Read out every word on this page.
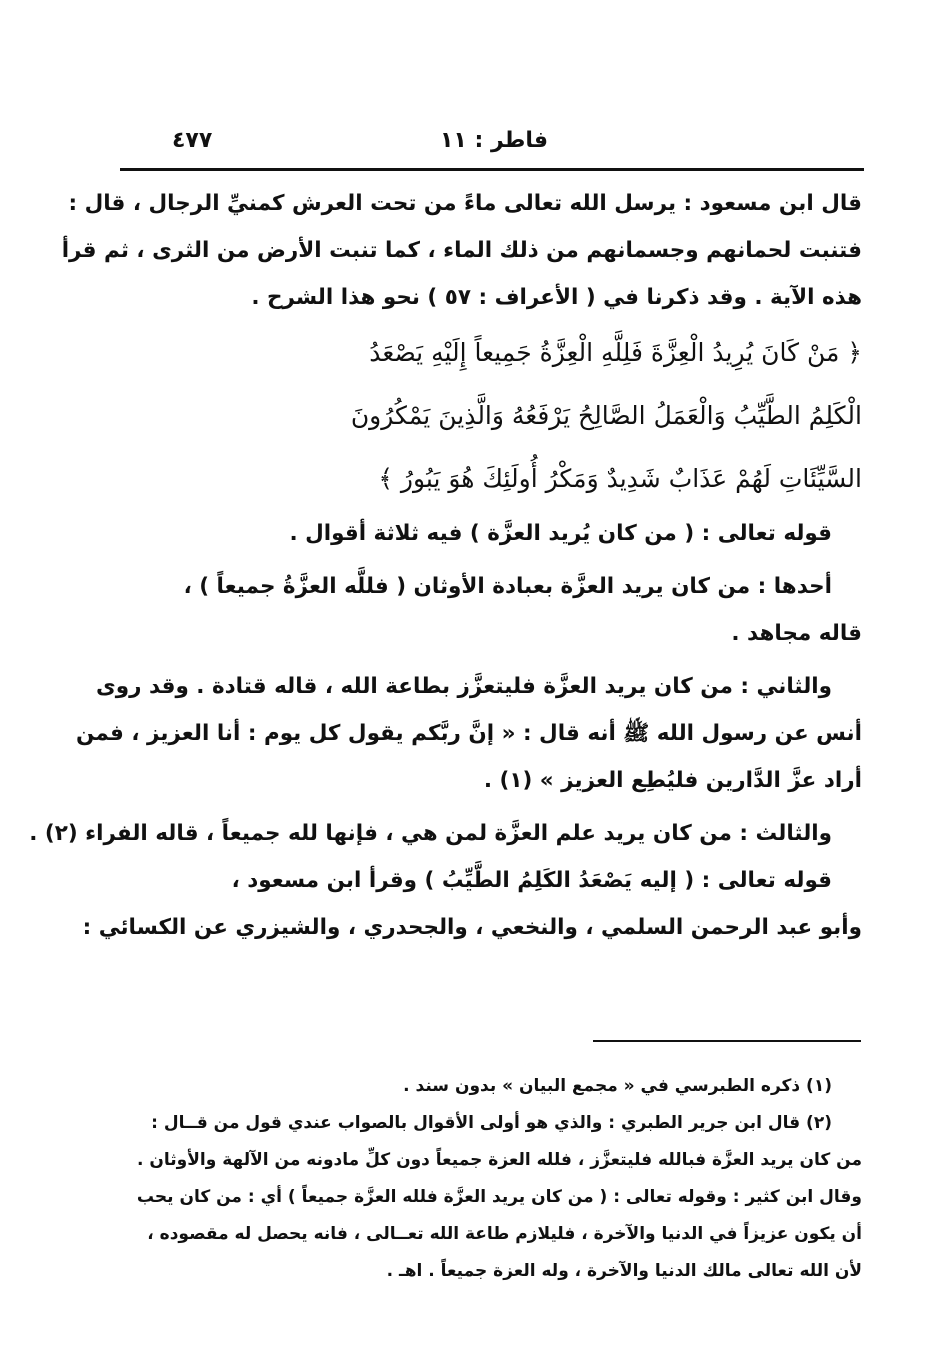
٤٧٧	فاطر : ١١
قال ابن مسعود : يرسل الله تعالى ماءً من تحت العرش كمنيِّ الرجال ، قال :
فتنبت لحمانهم وجسمانهم من ذلك الماء ، كما تنبت الأرض من الثرى ، ثم قرأ
هذه الآية . وقد ذكرنا في ( الأعراف : ٥٧ ) نحو هذا الشرح .
﴿ مَنْ كَانَ يُرِيدُ الْعِزَّةَ فَلِلَّهِ الْعِزَّةُ جَمِيعاً إِلَيْهِ يَصْعَدُ
الْكَلِمُ الطَّيِّبُ وَالْعَمَلُ الصَّالِحُ يَرْفَعُهُ وَالَّذِينَ يَمْكُرُونَ
السَّيِّئَاتِ لَهُمْ عَذَابٌ شَدِيدٌ وَمَكْرُ أُولَئِكَ هُوَ يَبُورُ ﴾
قوله تعالى : ( من كان يُريد العزَّة ) فيه ثلاثة أقوال .
أحدها : من كان يريد العزَّة بعبادة الأوثان ( فللَّه العزَّةُ جميعاً ) ،
قاله مجاهد .
والثاني : من كان يريد العزَّة فليتعزَّز بطاعة الله ، قاله قتادة . وقد روى
أنس عن رسول الله ﷺ أنه قال : « إنَّ ربَّكم يقول كل يوم : أنا العزيز ، فمن
أراد عزَّ الدَّارين فليُطِع العزيز » (١) .
والثالث : من كان يريد علم العزَّة لمن هي ، فإنها لله جميعاً ، قاله الفراء (٢) .
قوله تعالى : ( إليه يَصْعَدُ الكَلِمُ الطَّيِّبُ ) وقرأ ابن مسعود ،
وأبو عبد الرحمن السلمي ، والنخعي ، والجحدري ، والشيزري عن الكسائي :
(١) ذكره الطبرسي في « مجمع البيان » بدون سند .
(٢) قال ابن جرير الطبري : والذي هو أولى الأقوال بالصواب عندي قول من قــال :
من كان يريد العزَّة فبالله فليتعزَّز ، فلله العزة جميعاً دون كلِّ مادونه من الآلهة والأوثان .
وقال ابن كثير : وقوله تعالى : ( من كان يريد العزَّة فلله العزَّة جميعاً ) أي : من كان يحب
أن يكون عزيزاً في الدنيا والآخرة ، فليلازم طاعة الله تعــالى ، فانه يحصل له مقصوده ،
لأن الله تعالى مالك الدنيا والآخرة ، وله العزة جميعاً . اهـ .
